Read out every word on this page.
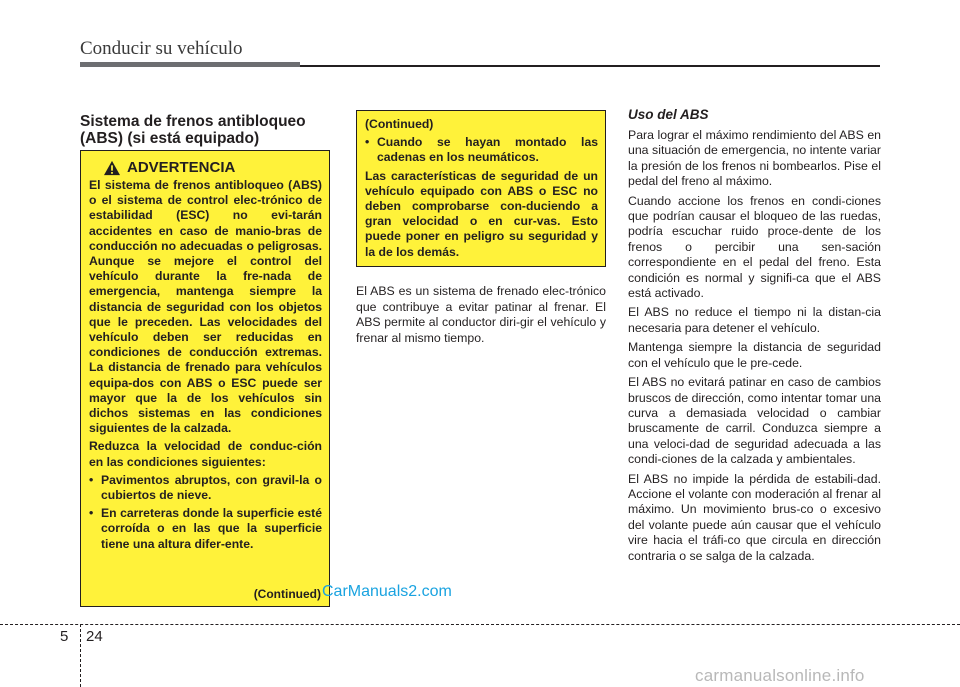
Conducir su vehículo
Sistema de frenos antibloqueo (ABS) (si está equipado)
ADVERTENCIA

El sistema de frenos antibloqueo (ABS) o el sistema de control elec-trónico de estabilidad (ESC) no evi-tarán accidentes en caso de manio-bras de conducción no adecuadas o peligrosas. Aunque se mejore el control del vehículo durante la fre-nada de emergencia, mantenga siempre la distancia de seguridad con los objetos que le preceden. Las velocidades del vehículo deben ser reducidas en condiciones de conducción extremas. La distancia de frenado para vehículos equipa-dos con ABS o ESC puede ser mayor que la de los vehículos sin dichos sistemas en las condiciones siguientes de la calzada.

Reduzca la velocidad de conduc-ción en las condiciones siguientes:

• Pavimentos abruptos, con gravil-la o cubiertos de nieve.
• En carreteras donde la superficie esté corroída o en las que la superficie tiene una altura difer-ente.
(Continued)

(Continued)

• Cuando se hayan montado las cadenas en los neumáticos.

Las características de seguridad de un vehículo equipado con ABS o ESC no deben comprobarse con-duciendo a gran velocidad o en cur-vas. Esto puede poner en peligro su seguridad y la de los demás.

El ABS es un sistema de frenado elec-trónico que contribuye a evitar patinar al frenar. El ABS permite al conductor diri-gir el vehículo y frenar al mismo tiempo.

Uso del ABS

Para lograr el máximo rendimiento del ABS en una situación de emergencia, no intente variar la presión de los frenos ni bombearlos. Pise el pedal del freno al máximo.

Cuando accione los frenos en condi-ciones que podrían causar el bloqueo de las ruedas, podría escuchar ruido proce-dente de los frenos o percibir una sen-sación correspondiente en el pedal del freno. Esta condición es normal y signifi-ca que el ABS está activado.

El ABS no reduce el tiempo ni la distan-cia necesaria para detener el vehículo.

Mantenga siempre la distancia de seguridad con el vehículo que le pre-cede.

El ABS no evitará patinar en caso de cambios bruscos de dirección, como intentar tomar una curva a demasiada velocidad o cambiar bruscamente de carril. Conduzca siempre a una veloci-dad de seguridad adecuada a las condi-ciones de la calzada y ambientales.

El ABS no impide la pérdida de estabili-dad. Accione el volante con moderación al frenar al máximo. Un movimiento brus-co o excesivo del volante puede aún causar que el vehículo vire hacia el tráfi-co que circula en dirección contraria o se salga de la calzada.

CarManuals2.com
5 24
carmanualsonline.info
